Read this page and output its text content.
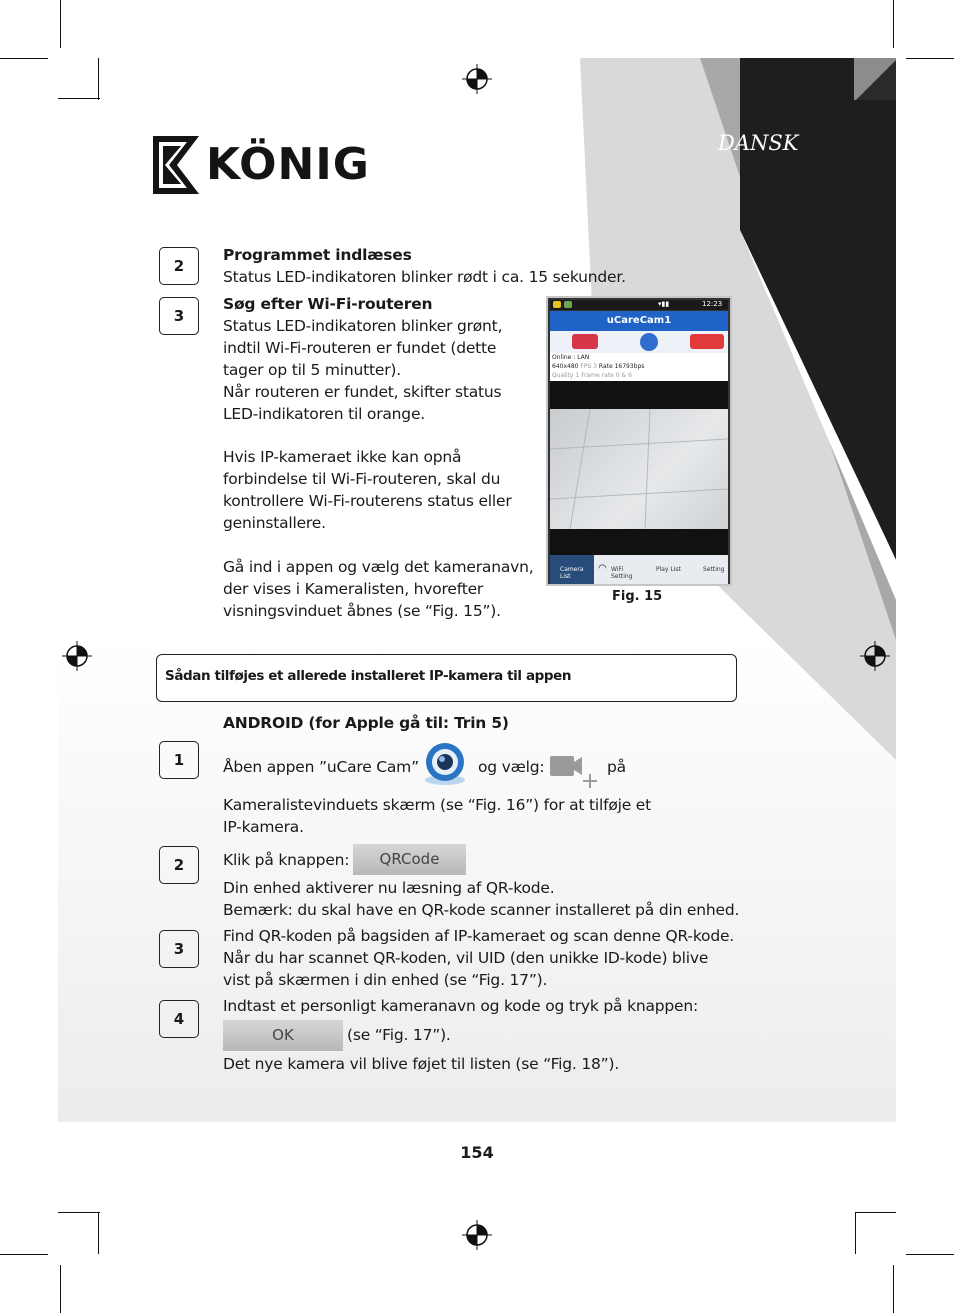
KÖNIG	DANSK
2
Programmet indlæses
Status LED-indikatoren blinker rødt i ca. 15 sekunder.
3
Søg efter Wi-Fi-routeren
Status LED-indikatoren blinker grønt,
indtil Wi-Fi-routeren er fundet (dette
tager op til 5 minutter).
Når routeren er fundet, skifter status
LED-indikatoren til orange.
Hvis IP-kameraet ikke kan opnå
forbindelse til Wi-Fi-routeren, skal du
kontrollere Wi-Fi-routerens status eller
geninstallere.
Gå ind i appen og vælg det kameranavn,
der vises i Kameralisten, hvorefter
visningsvinduet åbnes (se “Fig. 15”).
▾▮▮	12:23
uCareCam1
Online : LAN
640x480 FPS 3 Rate 16793bps
Quality 1 Frame rate 0 & 6
Camera List
◠ WiFi Setting
Play List	Setting
Fig. 15
Sådan tilføjes et allerede installeret IP-kamera til appen
ANDROID (for Apple gå til: Trin 5)
1	Åben appen ”uCare Cam”	og vælg:	på
Kameralistevinduets skærm (se “Fig. 16”) for at tilføje et
IP-kamera.
2	Klik på knappen:	QRCode
Din enhed aktiverer nu læsning af QR-kode.
Bemærk: du skal have en QR-kode scanner installeret på din enhed.
3
Find QR-koden på bagsiden af IP-kameraet og scan denne QR-kode.
Når du har scannet QR-koden, vil UID (den unikke ID-kode) blive
vist på skærmen i din enhed (se “Fig. 17”).
4
Indtast et personligt kameranavn og kode og tryk på knappen:
OK	(se “Fig. 17”).
Det nye kamera vil blive føjet til listen (se “Fig. 18”).
154
